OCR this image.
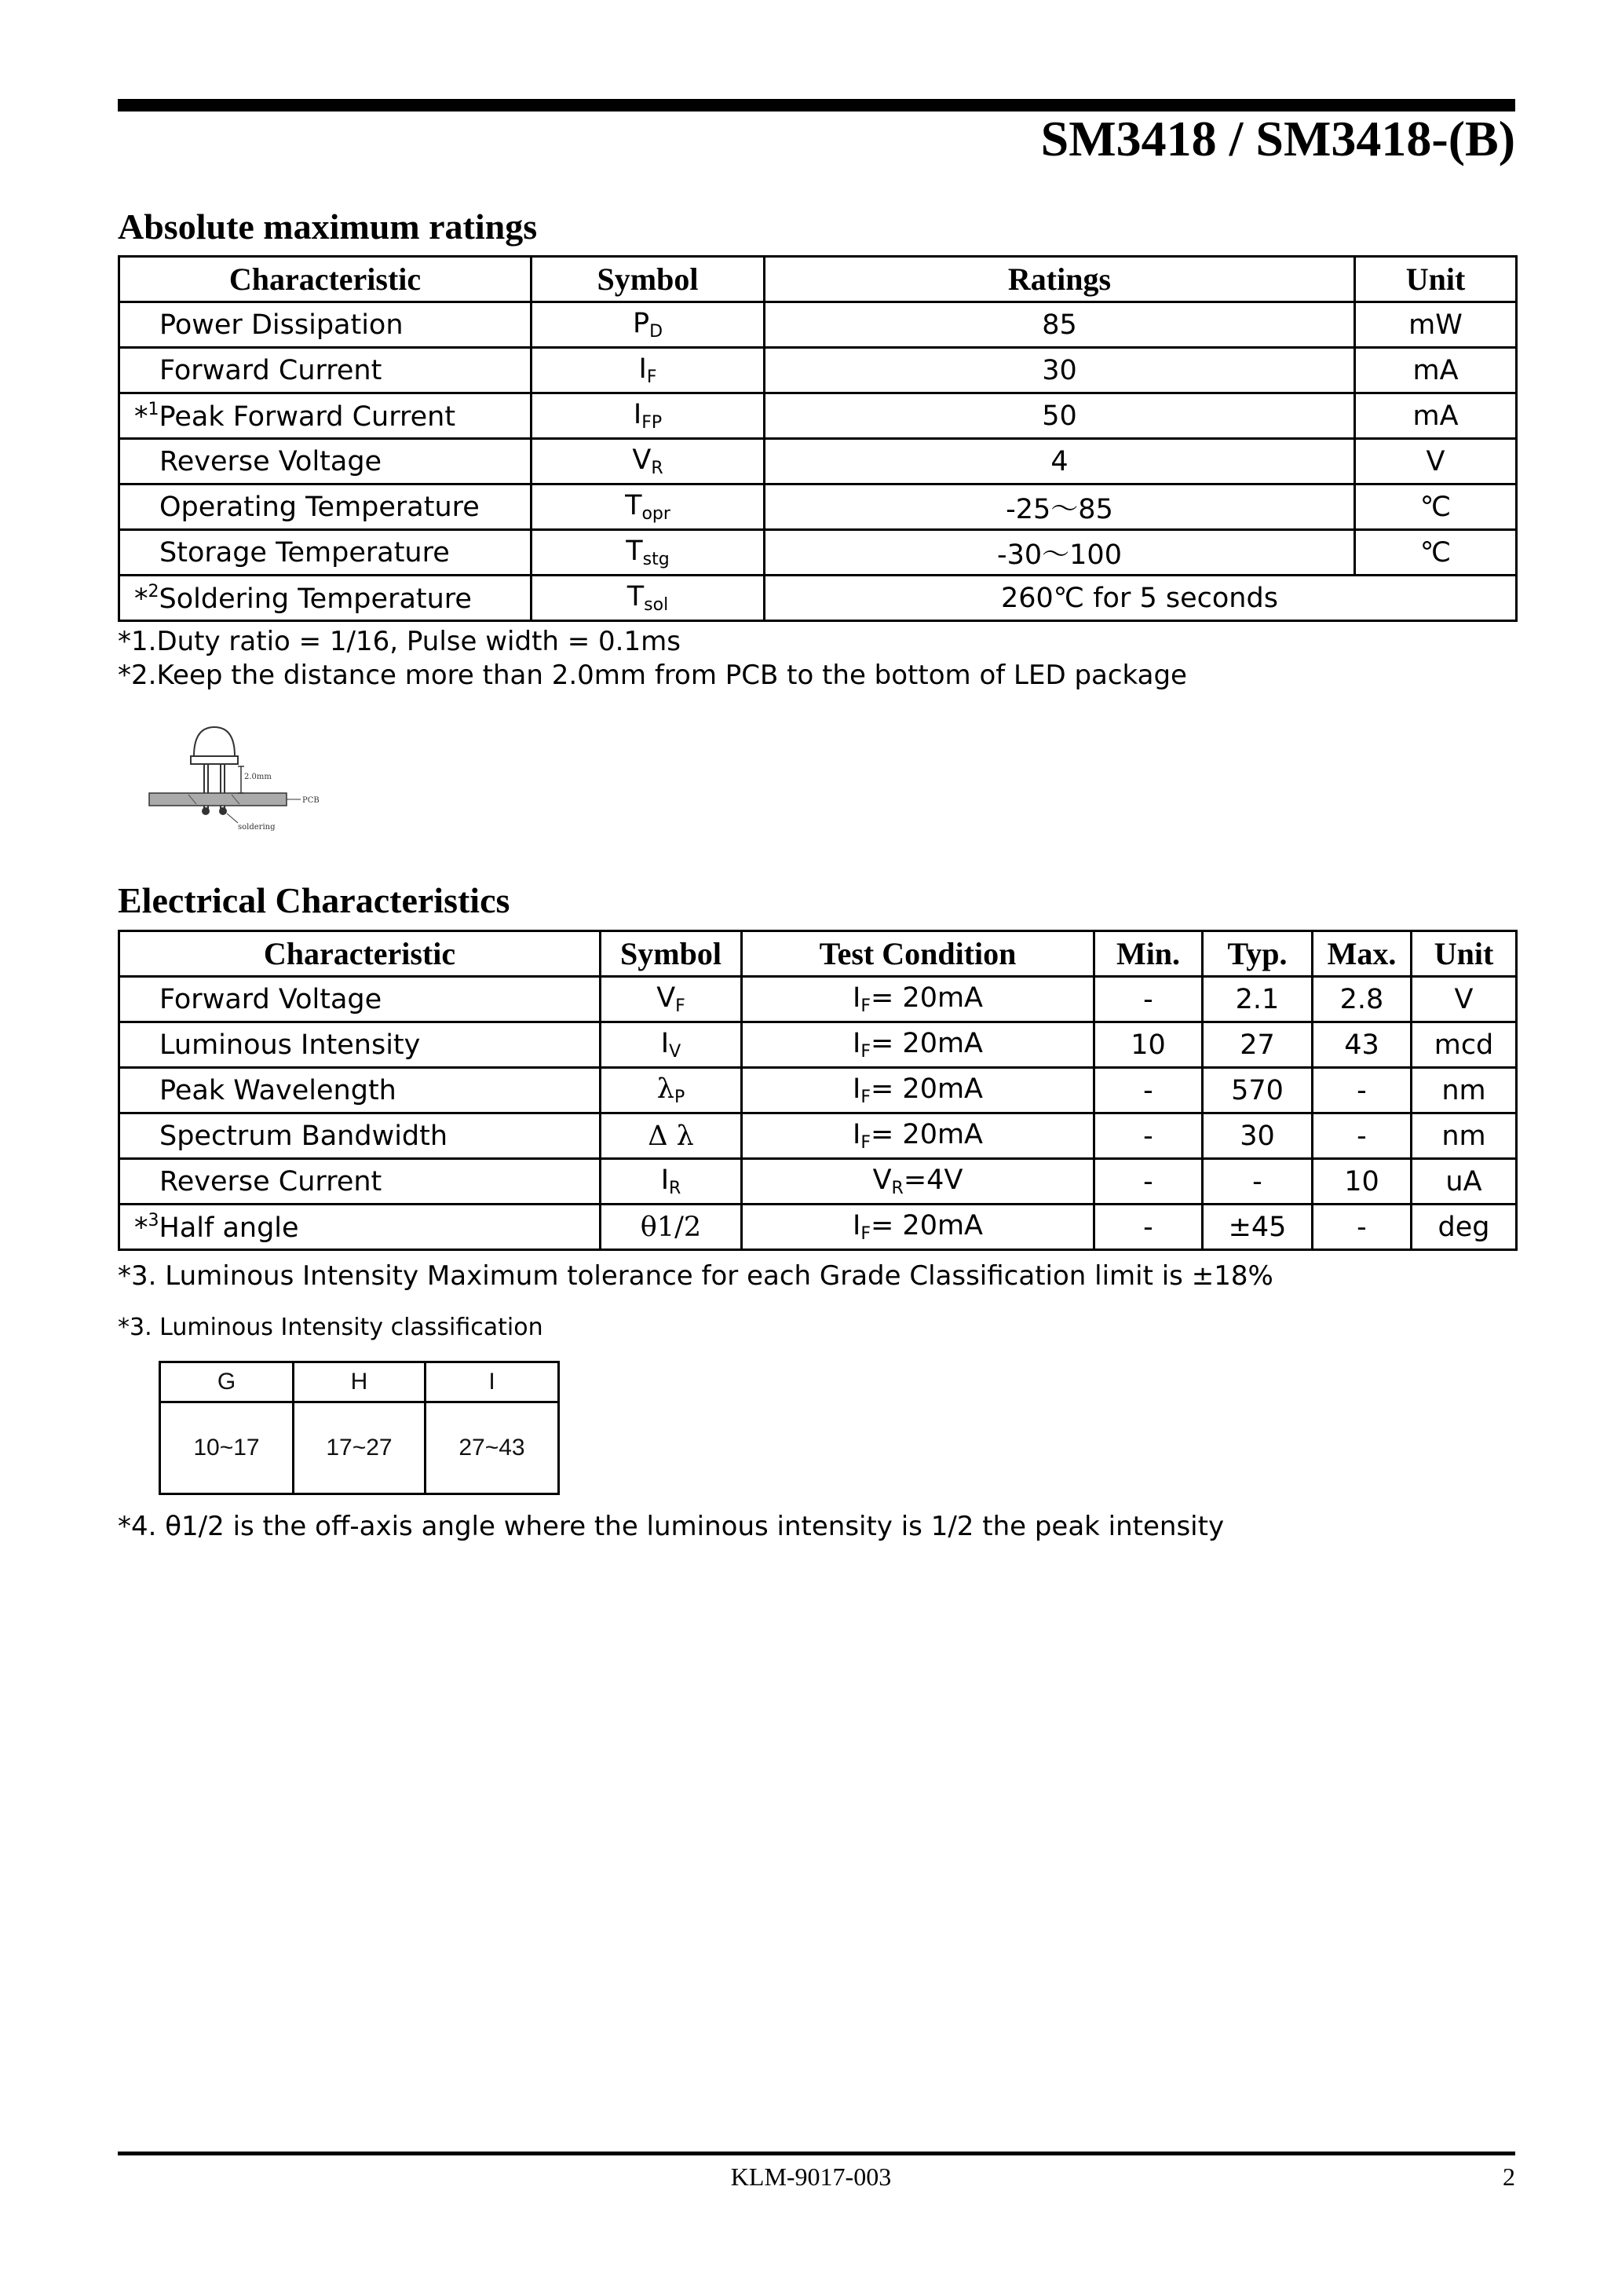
SM3418 / SM3418-(B)
Absolute maximum ratings
Characteristic	Symbol	Ratings	Unit
Power Dissipation	$P_D$	85	mW
Forward Current	$I_F$	30	mA
*$^1$Peak Forward Current	$I_{FP}$	50	mA
Reverse Voltage	$V_R$	4	V
Operating Temperature	$T_{opr}$	-25～85	℃
Storage Temperature	$T_{stg}$	-30～100	℃
*$^2$Soldering Temperature	$T_{sol}$	260℃ for 5 seconds	
*1.Duty ratio = 1/16, Pulse width = 0.1ms
*2.Keep the distance more than 2.0mm from PCB to the bottom of LED package
2.0mm
PCB
soldering
Electrical Characteristics
Characteristic	Symbol	Test Condition	Min.	Typ.	Max.	Unit
Forward Voltage	$V_F$	$I_F= 20mA$	-	2.1	2.8	V
Luminous Intensity	$I_V$	$I_F= 20mA$	10	27	43	mcd
Peak Wavelength	$\lambda_P$	$I_F= 20mA$	-	570	-	nm
Spectrum Bandwidth	Δ λ	$I_F= 20mA$	-	30	-	nm
Reverse Current	$I_R$	$V_R=4V$	-	-	10	uA
*$^3$Half angle	θ1/2	$I_F= 20mA$	-	±45	-	deg
*3. Luminous Intensity Maximum tolerance for each Grade Classification limit is ±18%
*3. Luminous Intensity classification
G	H	I
10~17	17~27	27~43
*4. θ1/2 is the off-axis angle where the luminous intensity is 1/2 the peak intensity
KLM-9017-003	2
